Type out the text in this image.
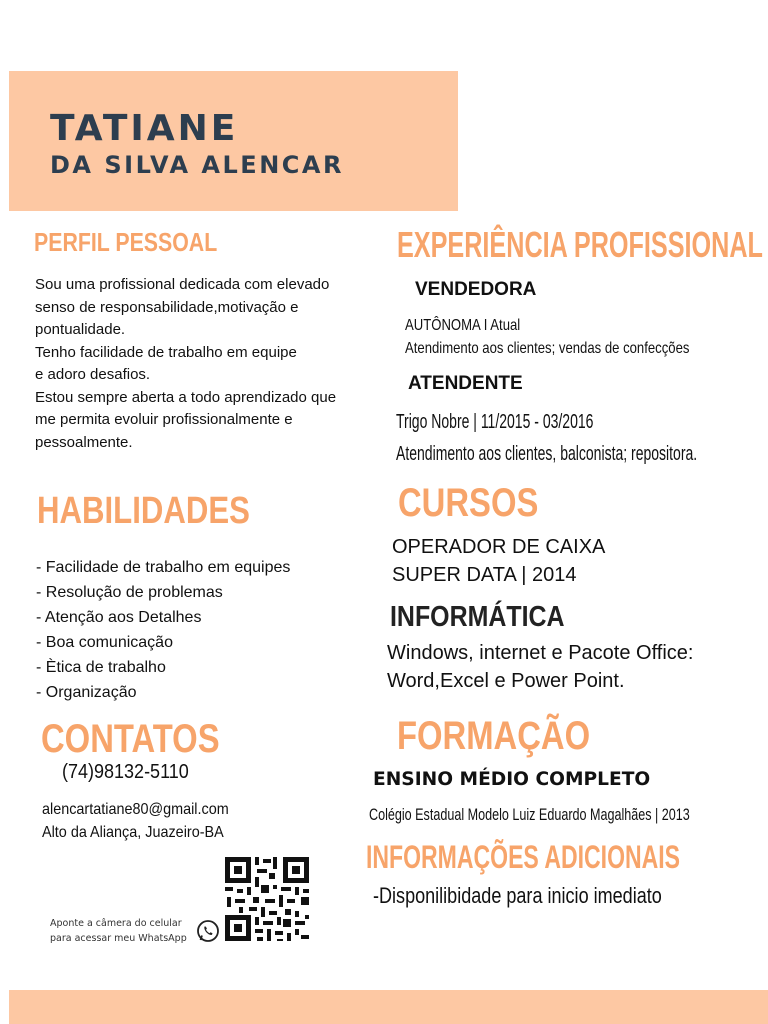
TATIANE
DA SILVA ALENCAR
PERFIL PESSOAL
Sou uma profissional dedicada com elevado
senso de responsabilidade,motivação e
pontualidade.
Tenho facilidade de trabalho em equipe
e adoro desafios.
Estou sempre aberta a todo aprendizado que
me permita evoluir profissionalmente e
pessoalmente.
HABILIDADES
- Facilidade de trabalho em equipes
- Resolução de problemas
- Atenção aos Detalhes
- Boa comunicação
- Ètica de trabalho
- Organização
CONTATOS
(74)98132-5110
alencartatiane80@gmail.com
Alto da Aliança, Juazeiro-BA
Aponte a câmera do celular
para acessar meu WhatsApp
EXPERIÊNCIA PROFISSIONAL
VENDEDORA
AUTÔNOMA I Atual
Atendimento aos clientes; vendas de confecções
ATENDENTE
Trigo Nobre | 11/2015 - 03/2016
Atendimento aos clientes, balconista; repositora.
CURSOS
OPERADOR DE CAIXA
SUPER DATA | 2014
INFORMÁTICA
Windows, internet e Pacote Office:
Word,Excel e Power Point.
FORMAÇÃO
ENSINO MÉDIO COMPLETO
Colégio Estadual Modelo Luiz Eduardo Magalhães | 2013
INFORMAÇÕES ADICIONAIS
-Disponilibidade para inicio imediato
